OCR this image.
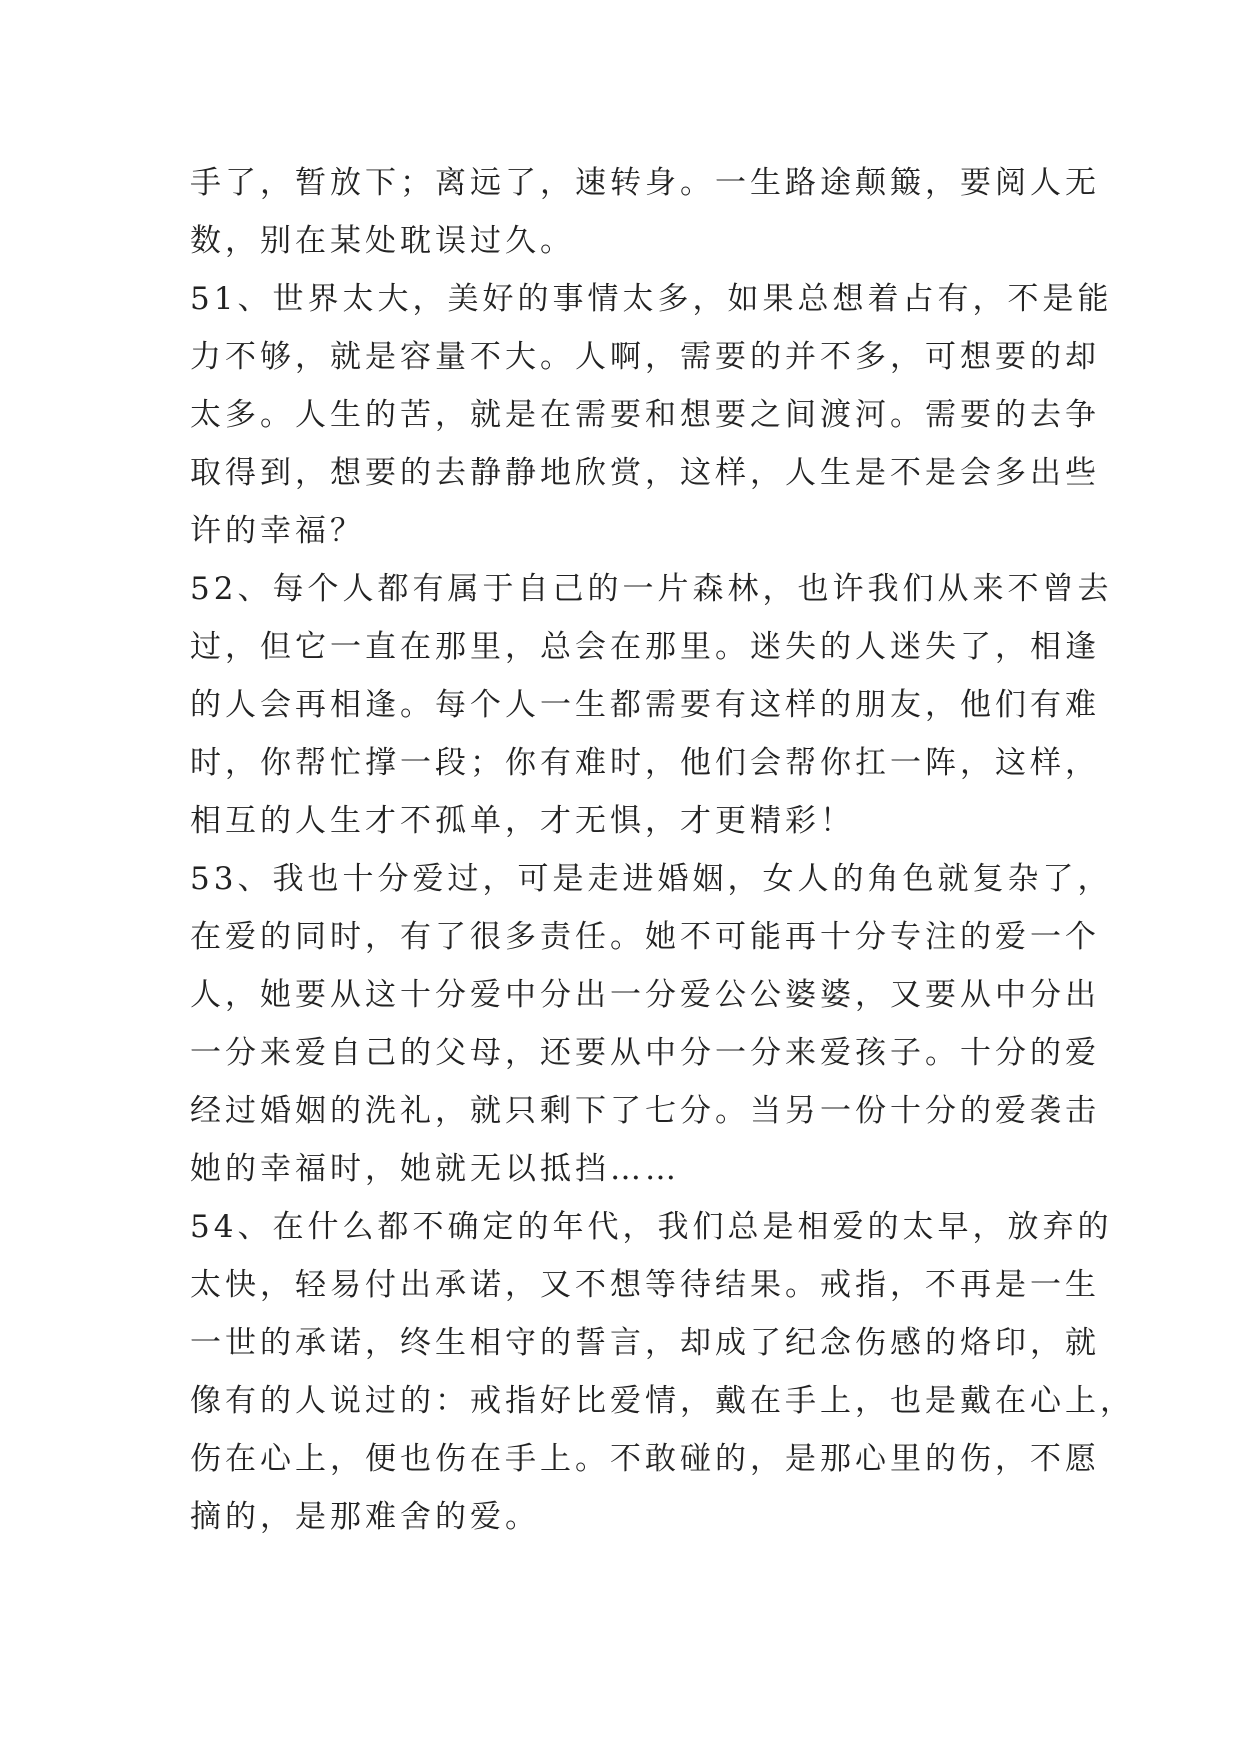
手了，暂放下；离远了，速转身。一生路途颠簸，要阅人无
数，别在某处耽误过久。
51、世界太大，美好的事情太多，如果总想着占有，不是能
力不够，就是容量不大。人啊，需要的并不多，可想要的却
太多。人生的苦，就是在需要和想要之间渡河。需要的去争
取得到，想要的去静静地欣赏，这样，人生是不是会多出些
许的幸福？
52、每个人都有属于自己的一片森林，也许我们从来不曾去
过，但它一直在那里，总会在那里。迷失的人迷失了，相逢
的人会再相逢。每个人一生都需要有这样的朋友，他们有难
时，你帮忙撑一段；你有难时，他们会帮你扛一阵，这样，
相互的人生才不孤单，才无惧，才更精彩！
53、我也十分爱过，可是走进婚姻，女人的角色就复杂了，
在爱的同时，有了很多责任。她不可能再十分专注的爱一个
人，她要从这十分爱中分出一分爱公公婆婆，又要从中分出
一分来爱自己的父母，还要从中分一分来爱孩子。十分的爱
经过婚姻的洗礼，就只剩下了七分。当另一份十分的爱袭击
她的幸福时，她就无以抵挡……
54、在什么都不确定的年代，我们总是相爱的太早，放弃的
太快，轻易付出承诺，又不想等待结果。戒指，不再是一生
一世的承诺，终生相守的誓言，却成了纪念伤感的烙印，就
像有的人说过的：戒指好比爱情，戴在手上，也是戴在心上，
伤在心上，便也伤在手上。不敢碰的，是那心里的伤，不愿
摘的，是那难舍的爱。
